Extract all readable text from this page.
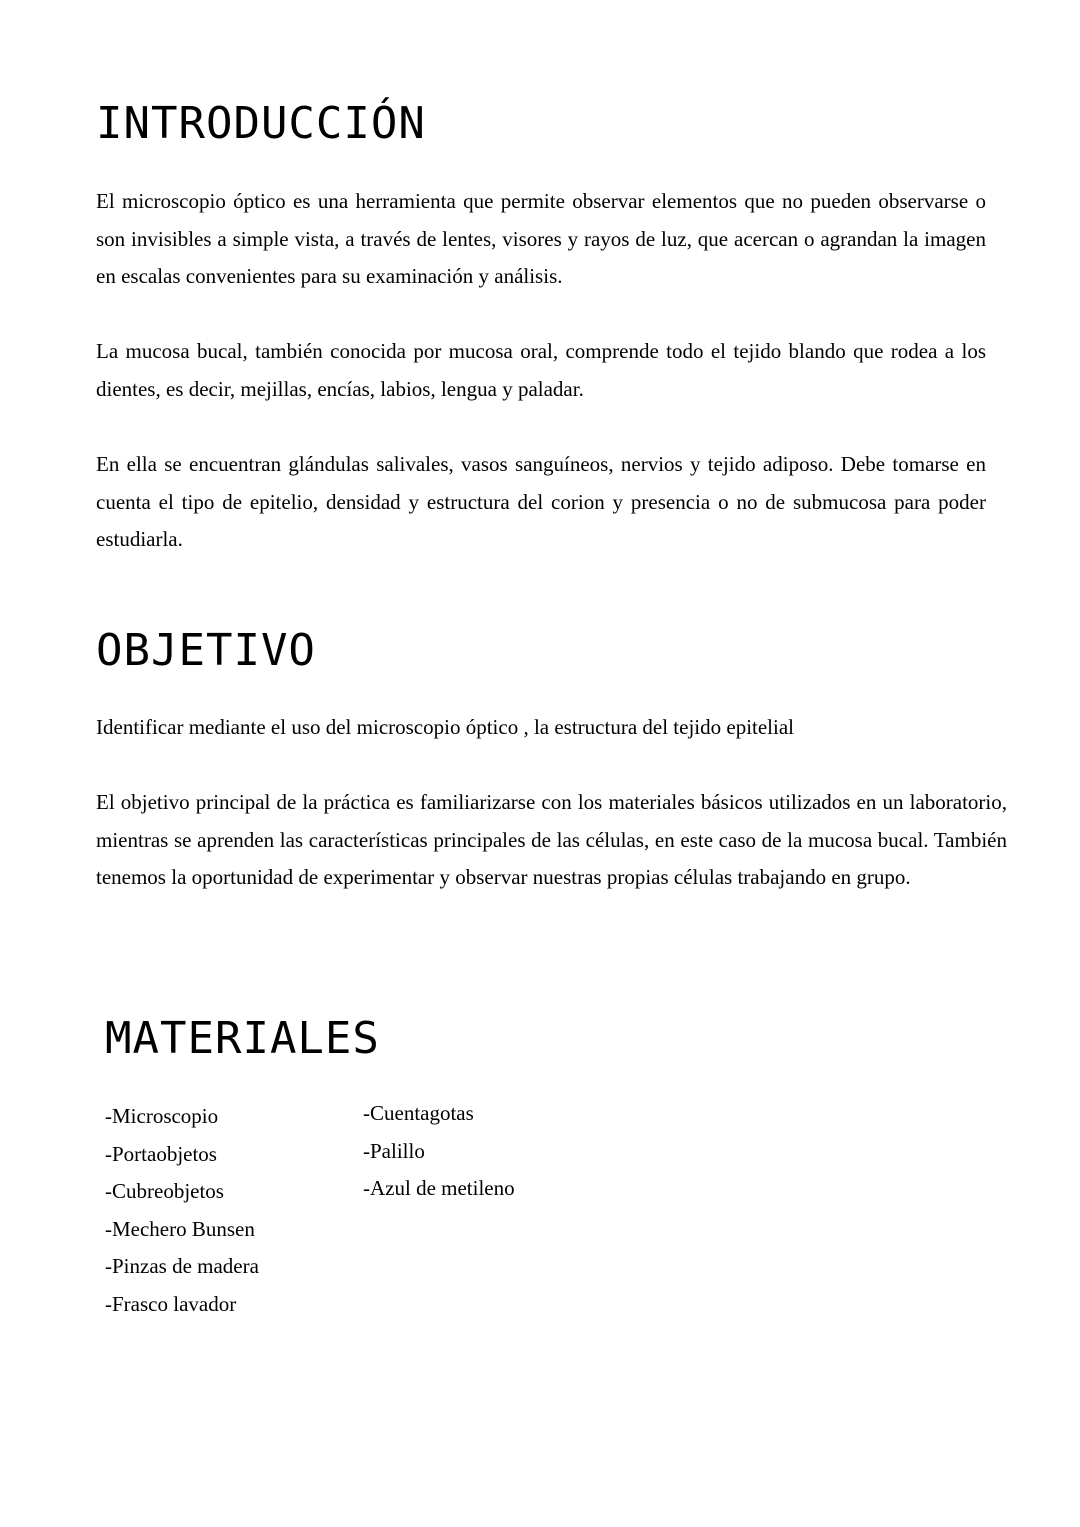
INTRODUCCIÓN

El microscopio óptico es una herramienta que permite observar elementos que no pueden observarse o son invisibles a simple vista, a través de lentes, visores y rayos de luz, que acercan o agrandan la imagen en escalas convenientes para su examinación y análisis.

La mucosa bucal, también conocida por mucosa oral, comprende todo el tejido blando que rodea a los dientes, es decir, mejillas, encías, labios, lengua y paladar.

En ella se encuentran glándulas salivales, vasos sanguíneos, nervios y tejido adiposo. Debe tomarse en cuenta el tipo de epitelio, densidad y estructura del corion y presencia o no de submucosa para poder estudiarla.

OBJETIVO

Identificar mediante el uso del microscopio óptico , la estructura del tejido epitelial

El objetivo principal de la práctica es familiarizarse con los materiales básicos utilizados en un laboratorio, mientras se aprenden las características principales de las células, en este caso de la mucosa bucal. También tenemos la oportunidad de experimentar y observar nuestras propias células trabajando en grupo.

MATERIALES
-Microscopio
-Portaobjetos
-Cubreobjetos
-Mechero Bunsen
-Pinzas de madera
-Frasco lavador
-Cuentagotas
-Palillo
-Azul de metileno
